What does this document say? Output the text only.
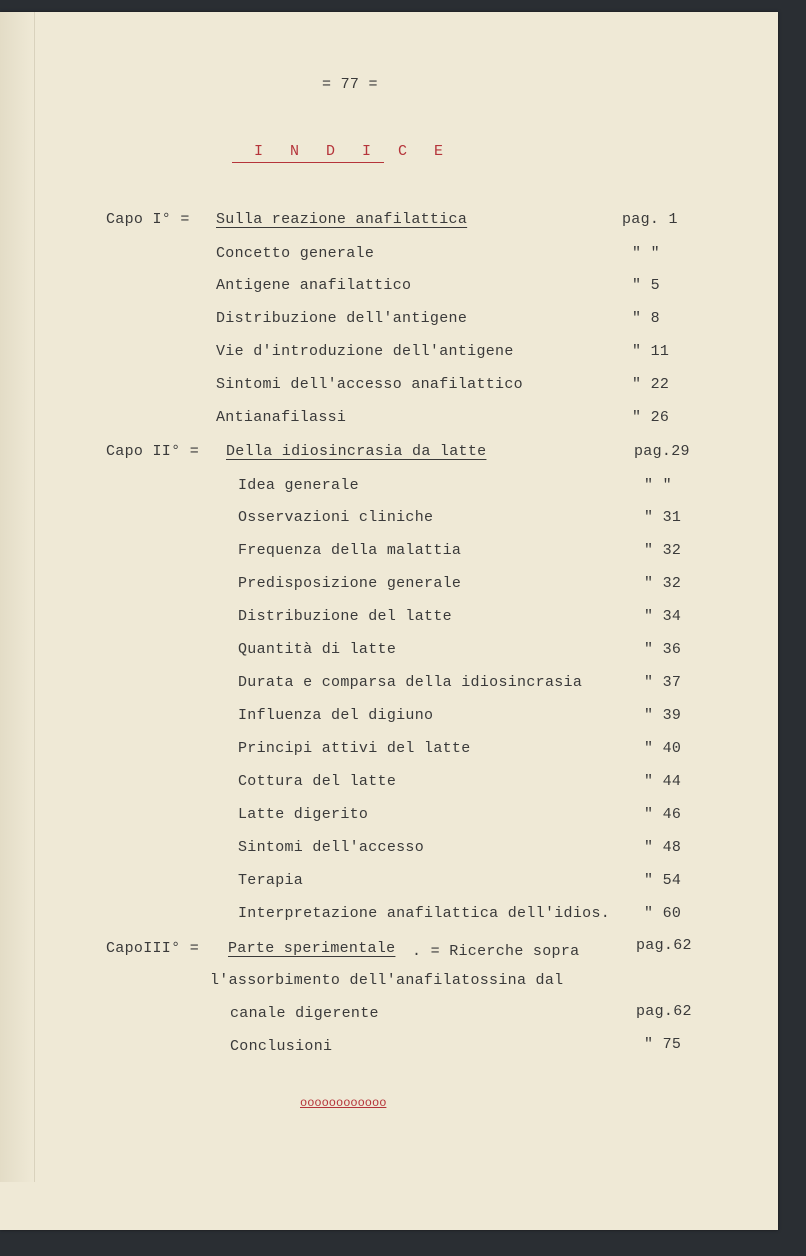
= 77 =
I N D I C E
Capo I° = Sulla reazione anafilattica	pag. 1
Concetto generale	" "
Antigene anafilattico	" 5
Distribuzione dell'antigene	" 8
Vie d'introduzione dell'antigene	" 11
Sintomi dell'accesso anafilattico	" 22
Antianafilassi	" 26
Capo II° = Della idiosincrasia da latte	pag.29
Idea generale	" "
Osservazioni cliniche	" 31
Frequenza della malattia	" 32
Predisposizione generale	" 32
Distribuzione del latte	" 34
Quantità di latte	" 36
Durata e comparsa della idiosincrasia	" 37
Influenza del digiuno	" 39
Principi attivi del latte	" 40
Cottura del latte	" 44
Latte digerito	" 46
Sintomi dell'accesso	" 48
Terapia	" 54
Interpretazione anafilattica dell'idios. " 60
CapoIII° = Parte sperimentale . = Ricerche sopra	pag.62
l'assorbimento dell'anafilatossina dal
canale digerente	pag.62
Conclusioni	" 75
oooooooooooo
